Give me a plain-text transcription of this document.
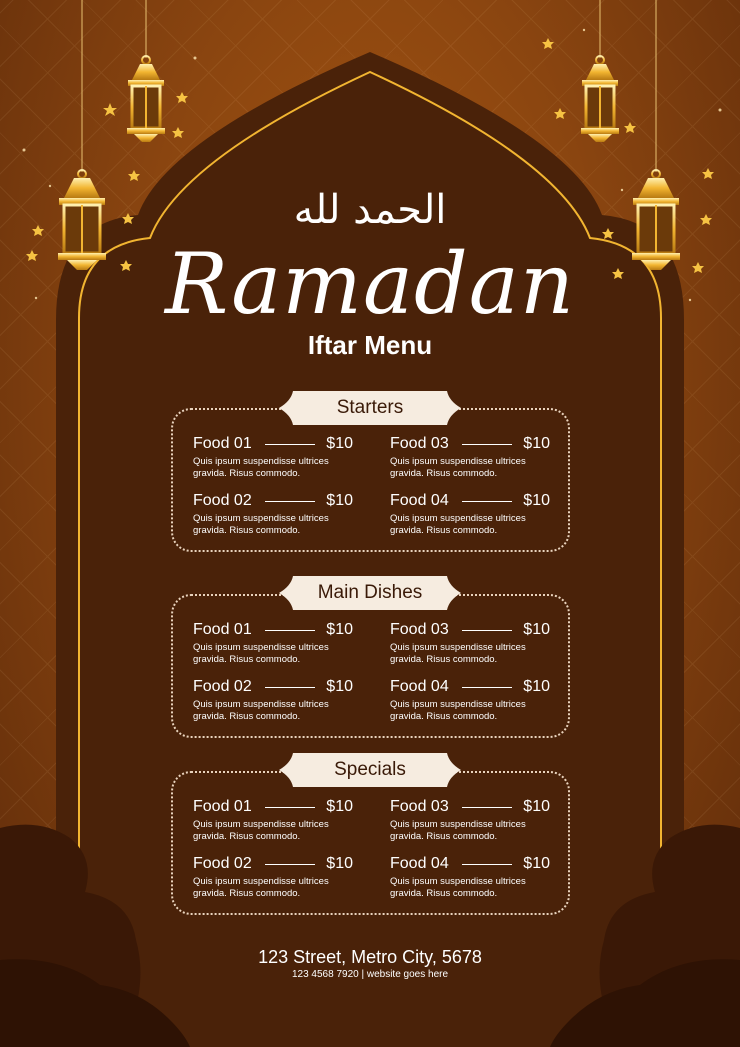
الحمد لله
Ramadan
Iftar Menu
Food 01	$10
Quis ipsum suspendisse ultrices
gravida. Risus commodo.
Food 03	$10
Quis ipsum suspendisse ultrices
gravida. Risus commodo.
Food 02	$10
Quis ipsum suspendisse ultrices
gravida. Risus commodo.
Food 04	$10
Quis ipsum suspendisse ultrices
gravida. Risus commodo.
Starters
Food 01	$10
Quis ipsum suspendisse ultrices
gravida. Risus commodo.
Food 03	$10
Quis ipsum suspendisse ultrices
gravida. Risus commodo.
Food 02	$10
Quis ipsum suspendisse ultrices
gravida. Risus commodo.
Food 04	$10
Quis ipsum suspendisse ultrices
gravida. Risus commodo.
Main Dishes
Food 01	$10
Quis ipsum suspendisse ultrices
gravida. Risus commodo.
Food 03	$10
Quis ipsum suspendisse ultrices
gravida. Risus commodo.
Food 02	$10
Quis ipsum suspendisse ultrices
gravida. Risus commodo.
Food 04	$10
Quis ipsum suspendisse ultrices
gravida. Risus commodo.
Specials
123 Street, Metro City, 5678
123 4568 7920 | website goes here
